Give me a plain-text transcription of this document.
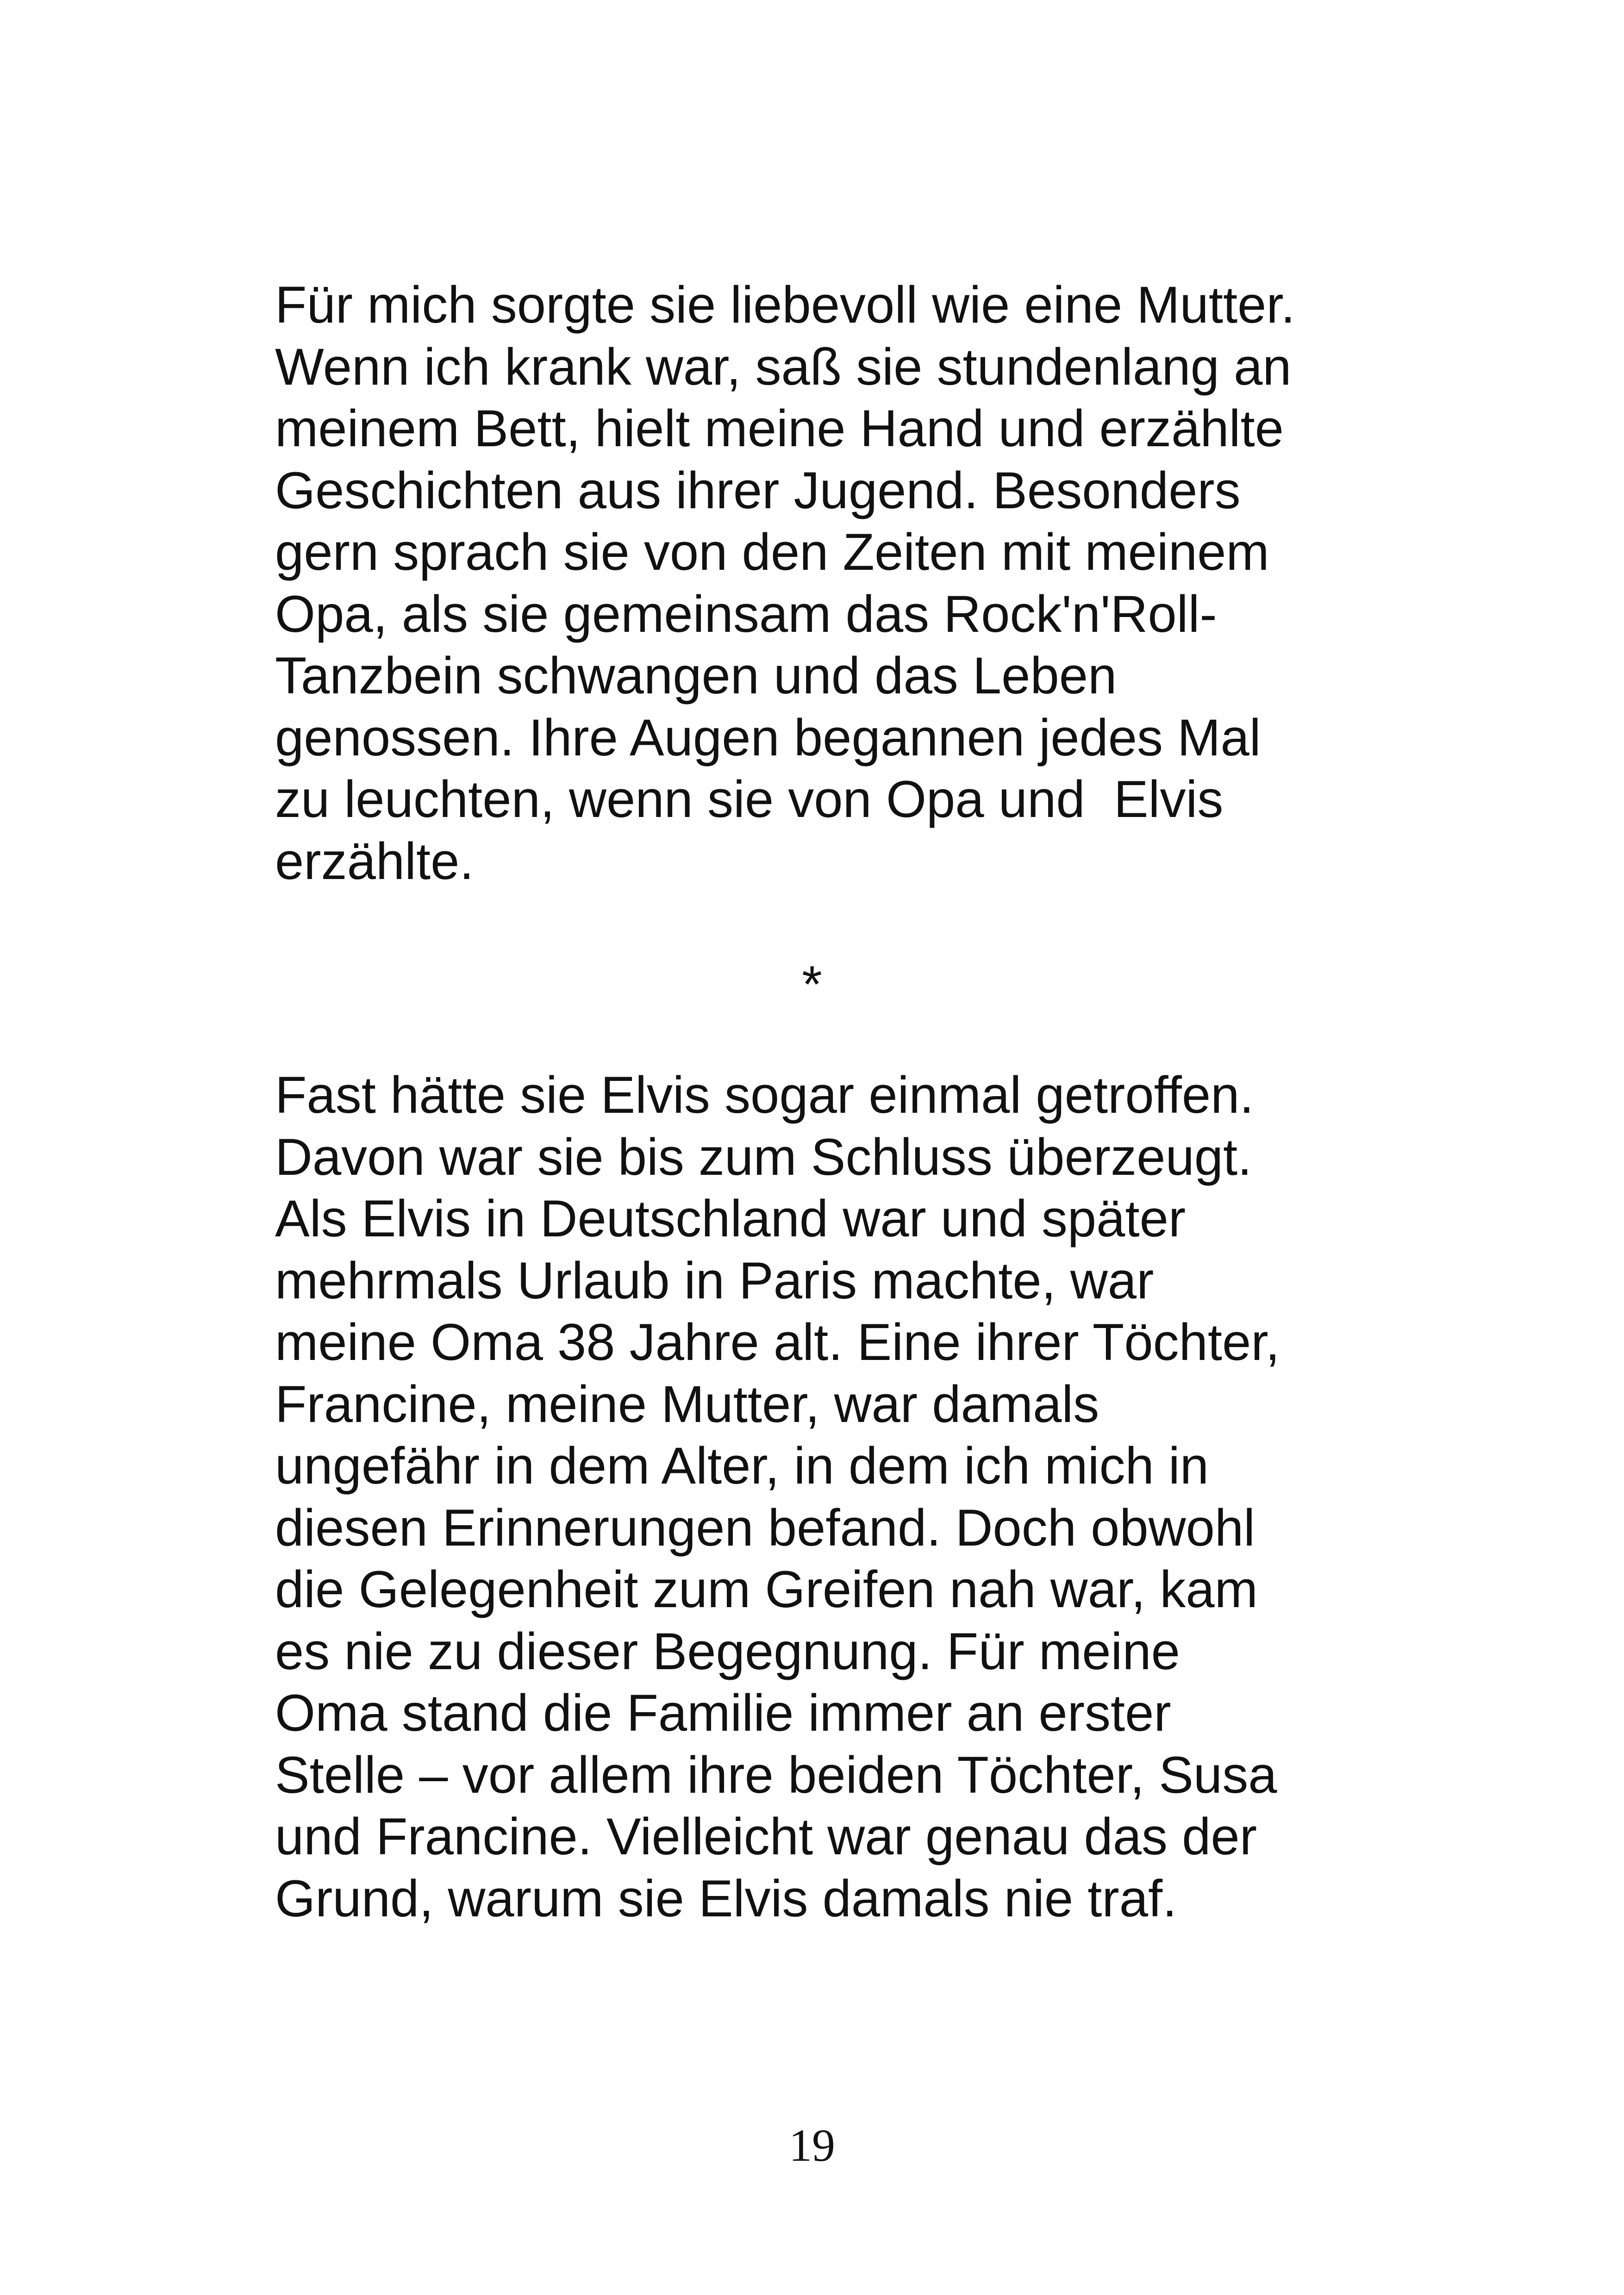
Für mich sorgte sie liebevoll wie eine Mutter.
Wenn ich krank war, saß sie stundenlang an
meinem Bett, hielt meine Hand und erzählte
Geschichten aus ihrer Jugend. Besonders
gern sprach sie von den Zeiten mit meinem
Opa, als sie gemeinsam das Rock'n'Roll-
Tanzbein schwangen und das Leben
genossen. Ihre Augen begannen jedes Mal
zu leuchten, wenn sie von Opa und  Elvis
erzählte.

*

Fast hätte sie Elvis sogar einmal getroffen.
Davon war sie bis zum Schluss überzeugt.
Als Elvis in Deutschland war und später
mehrmals Urlaub in Paris machte, war
meine Oma 38 Jahre alt. Eine ihrer Töchter,
Francine, meine Mutter, war damals
ungefähr in dem Alter, in dem ich mich in
diesen Erinnerungen befand. Doch obwohl
die Gelegenheit zum Greifen nah war, kam
es nie zu dieser Begegnung. Für meine
Oma stand die Familie immer an erster
Stelle – vor allem ihre beiden Töchter, Susa
und Francine. Vielleicht war genau das der
Grund, warum sie Elvis damals nie traf.

19
